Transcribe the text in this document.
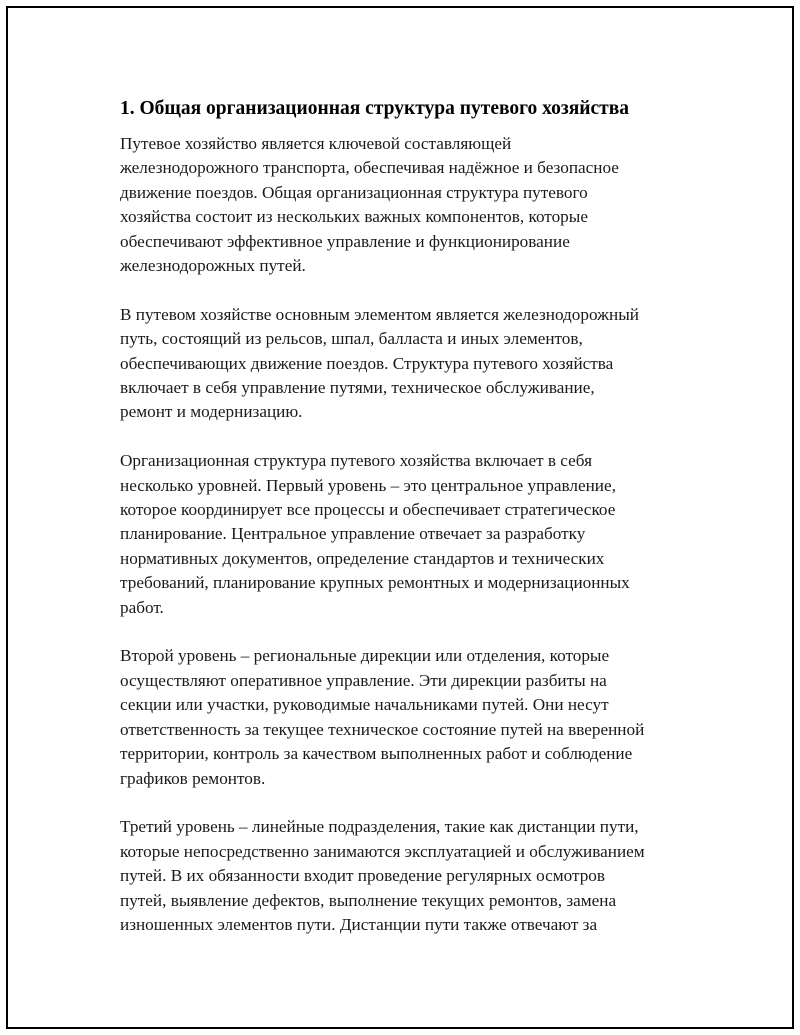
1. Общая организационная структура путевого хозяйства

Путевое хозяйство является ключевой составляющей
железнодорожного транспорта, обеспечивая надёжное и безопасное
движение поездов. Общая организационная структура путевого
хозяйства состоит из нескольких важных компонентов, которые
обеспечивают эффективное управление и функционирование
железнодорожных путей.

В путевом хозяйстве основным элементом является железнодорожный
путь, состоящий из рельсов, шпал, балласта и иных элементов,
обеспечивающих движение поездов. Структура путевого хозяйства
включает в себя управление путями, техническое обслуживание,
ремонт и модернизацию.

Организационная структура путевого хозяйства включает в себя
несколько уровней. Первый уровень – это центральное управление,
которое координирует все процессы и обеспечивает стратегическое
планирование. Центральное управление отвечает за разработку
нормативных документов, определение стандартов и технических
требований, планирование крупных ремонтных и модернизационных
работ.

Второй уровень – региональные дирекции или отделения, которые
осуществляют оперативное управление. Эти дирекции разбиты на
секции или участки, руководимые начальниками путей. Они несут
ответственность за текущее техническое состояние путей на вверенной
территории, контроль за качеством выполненных работ и соблюдение
графиков ремонтов.

Третий уровень – линейные подразделения, такие как дистанции пути,
которые непосредственно занимаются эксплуатацией и обслуживанием
путей. В их обязанности входит проведение регулярных осмотров
путей, выявление дефектов, выполнение текущих ремонтов, замена
изношенных элементов пути. Дистанции пути также отвечают за
